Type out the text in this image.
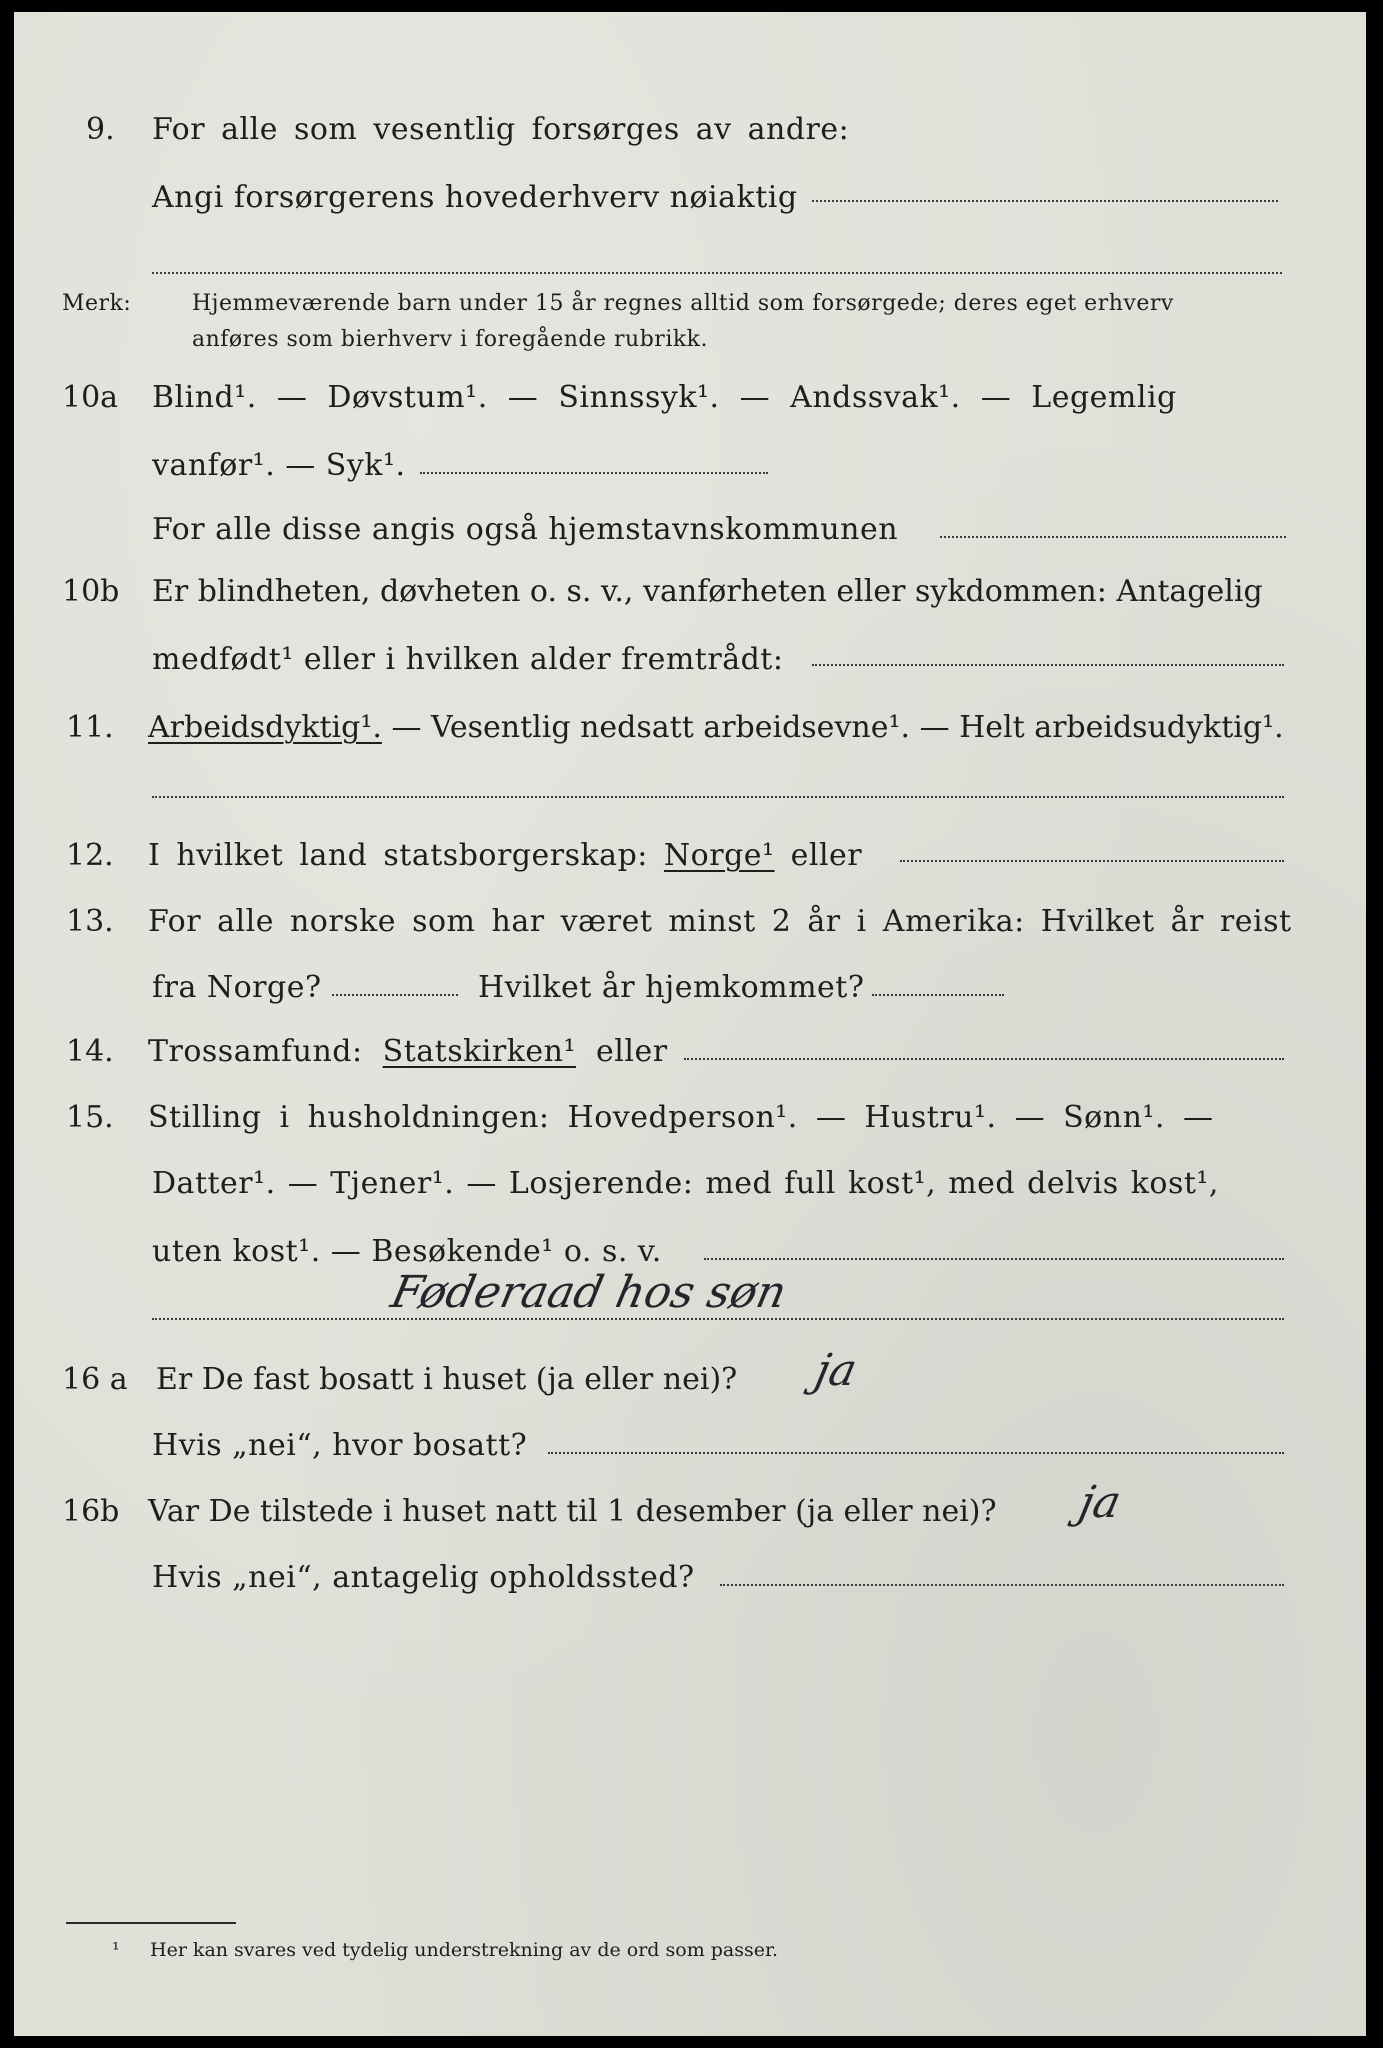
9. For alle som vesentlig forsørges av andre:
Angi forsørgerens hovederhverv nøiaktig
Merk:	Hjemmeværende barn under 15 år regnes alltid som forsørgede; deres eget erhverv
anføres som bierhverv i foregående rubrikk.
10a Blind¹. — Døvstum¹. — Sinnssyk¹. — Andssvak¹. — Legemlig
vanfør¹. — Syk¹.
For alle disse angis også hjemstavnskommunen
10b Er blindheten, døvheten o. s. v., vanførheten eller sykdommen: Antagelig
medfødt¹ eller i hvilken alder fremtrådt:
11. Arbeidsdyktig¹. — Vesentlig nedsatt arbeidsevne¹. — Helt arbeidsudyktig¹.
12. I hvilket land statsborgerskap: Norge¹ eller
13. For alle norske som har været minst 2 år i Amerika: Hvilket år reist
fra Norge?	Hvilket år hjemkommet?
14. Trossamfund: Statskirken¹ eller
15. Stilling i husholdningen: Hovedperson¹. — Hustru¹. — Sønn¹. —
Datter¹. — Tjener¹. — Losjerende: med full kost¹, med delvis kost¹,
uten kost¹. — Besøkende¹ o. s. v.
Føderaad hos søn
16 a Er De fast bosatt i huset (ja eller nei)? ja
Hvis „nei“, hvor bosatt?
16b Var De tilstede i huset natt til 1 desember (ja eller nei)? ja
Hvis „nei“, antagelig opholdssted?
¹ Her kan svares ved tydelig understrekning av de ord som passer.
